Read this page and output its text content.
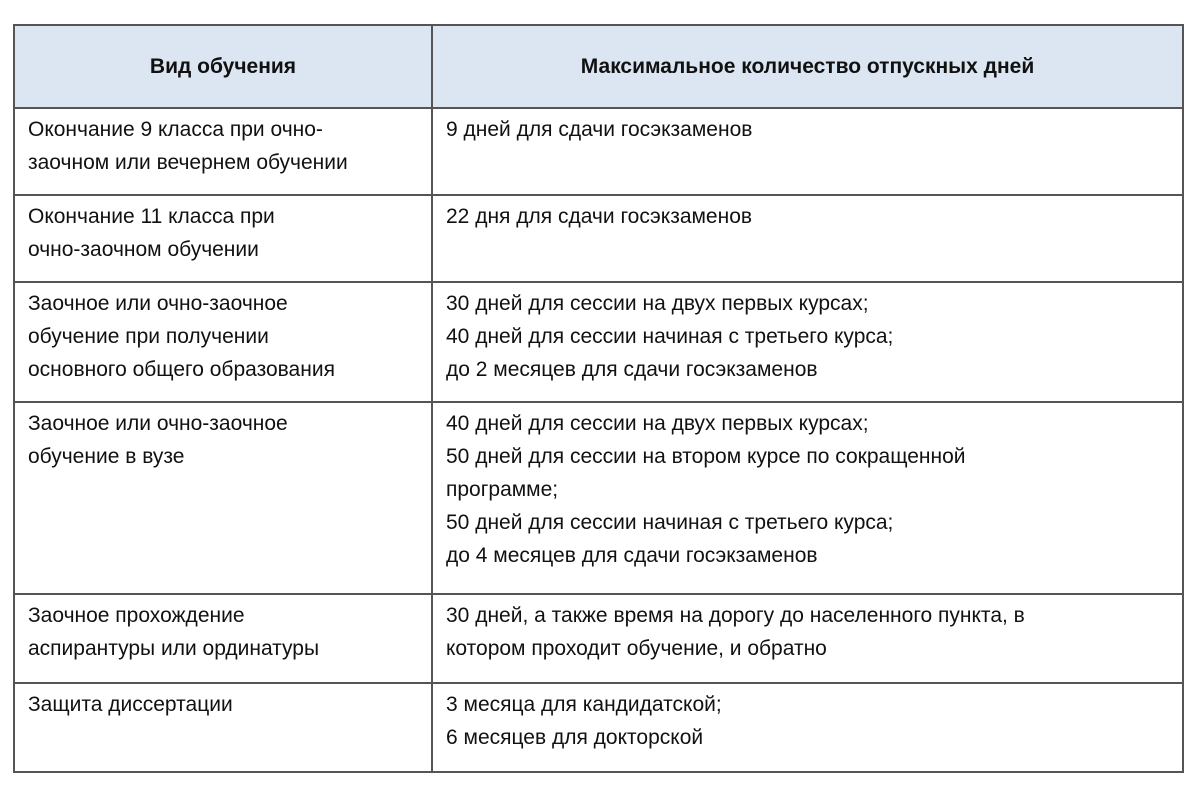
Вид обучения	Максимальное количество отпускных дней

Окончание 9 класса при очно-
заочном или вечернем обучении	9 дней для сдачи госэкзаменов

Окончание 11 класса при
очно-заочном обучении	22 дня для сдачи госэкзаменов

Заочное или очно-заочное
обучение при получении
основного общего образования	30 дней для сессии на двух первых курсах;
40 дней для сессии начиная с третьего курса;
до 2 месяцев для сдачи госэкзаменов

Заочное или очно-заочное
обучение в вузе	40 дней для сессии на двух первых курсах;
50 дней для сессии на втором курсе по сокращенной
программе;
50 дней для сессии начиная с третьего курса;
до 4 месяцев для сдачи госэкзаменов

Заочное прохождение
аспирантуры или ординатуры	30 дней, а также время на дорогу до населенного пункта, в
котором проходит обучение, и обратно

Защита диссертации	3 месяца для кандидатской;
6 месяцев для докторской
